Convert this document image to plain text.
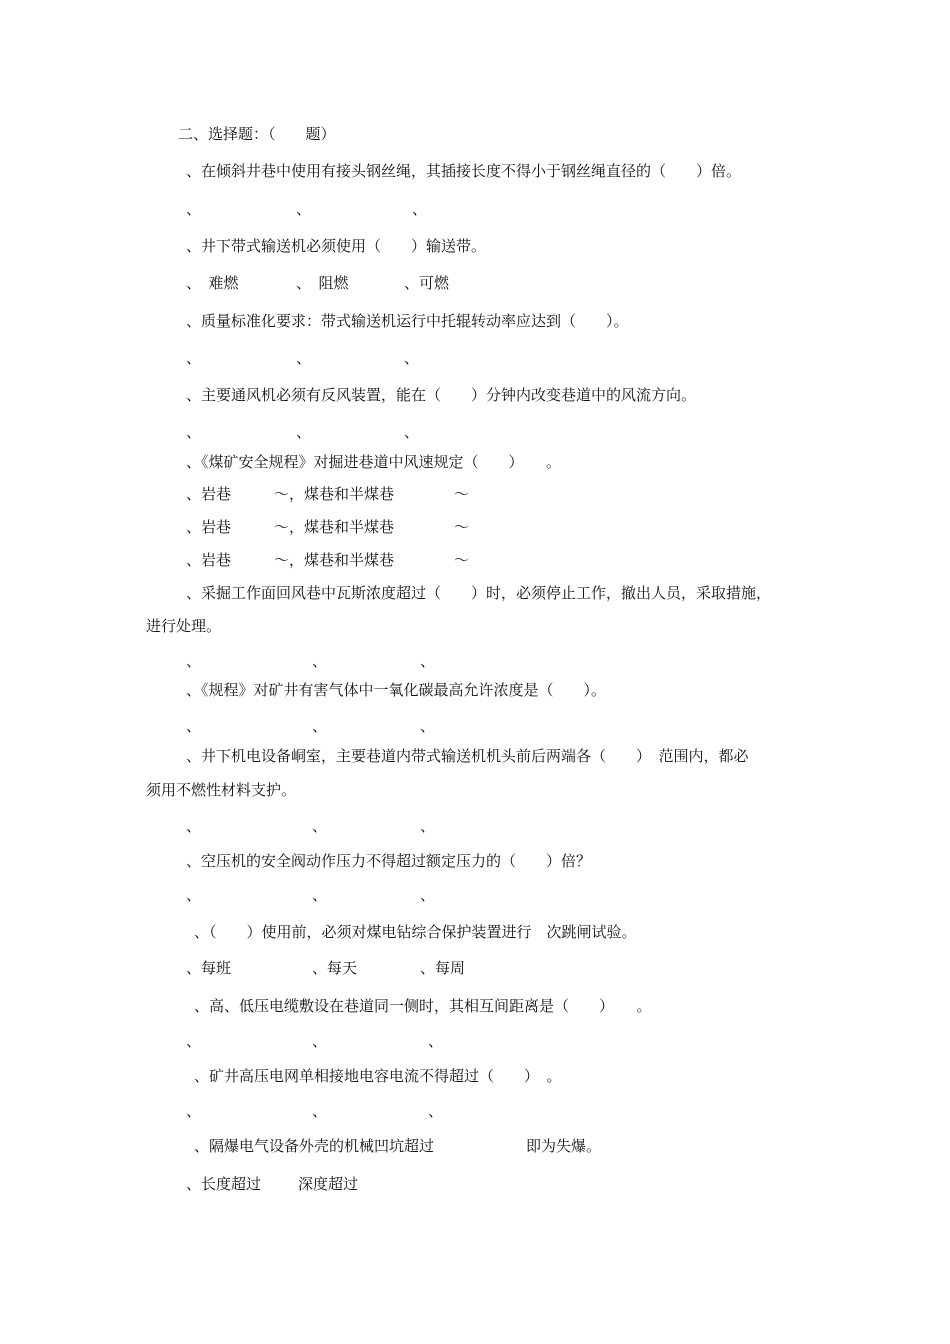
二、选择题：（　　题）
、在倾斜井巷中使用有接头钢丝绳，其插接长度不得小于钢丝绳直径的（　　）倍。
、	、	、
、井下带式输送机必须使用（　　）输送带。
、　难燃	、　阻燃	、可燃
、质量标准化要求：带式输送机运行中托辊转动率应达到（　　）。
、	、	、
、主要通风机必须有反风装置，能在（　　）分钟内改变巷道中的风流方向。
、	、	、
、《煤矿安全规程》对掘进巷道中风速规定（　　）　　。
、岩巷	～，煤巷和半煤巷	～
、岩巷	～，煤巷和半煤巷	～
、岩巷	～，煤巷和半煤巷	～
、采掘工作面回风巷中瓦斯浓度超过（　　）时，必须停止工作，撤出人员，采取措施，
进行处理。
、	、	、
、《规程》对矿井有害气体中一氧化碳最高允许浓度是（　　）。
、	、	、
、井下机电设备峒室，主要巷道内带式输送机机头前后两端各（　　）　范围内，都必
须用不燃性材料支护。
、	、	、
、空压机的安全阀动作压力不得超过额定压力的（　　）倍？
、	、	、
、（　　）使用前，必须对煤电钻综合保护装置进行　次跳闸试验。
、每班	、每天	、每周
、高、低压电缆敷设在巷道同一侧时，其相互间距离是（　　）　　。
、	、	、
、矿井高压电网单相接地电容电流不得超过（　　）　。
、	、	、
、隔爆电气设备外壳的机械凹坑超过	即为失爆。
、长度超过 深度超过
